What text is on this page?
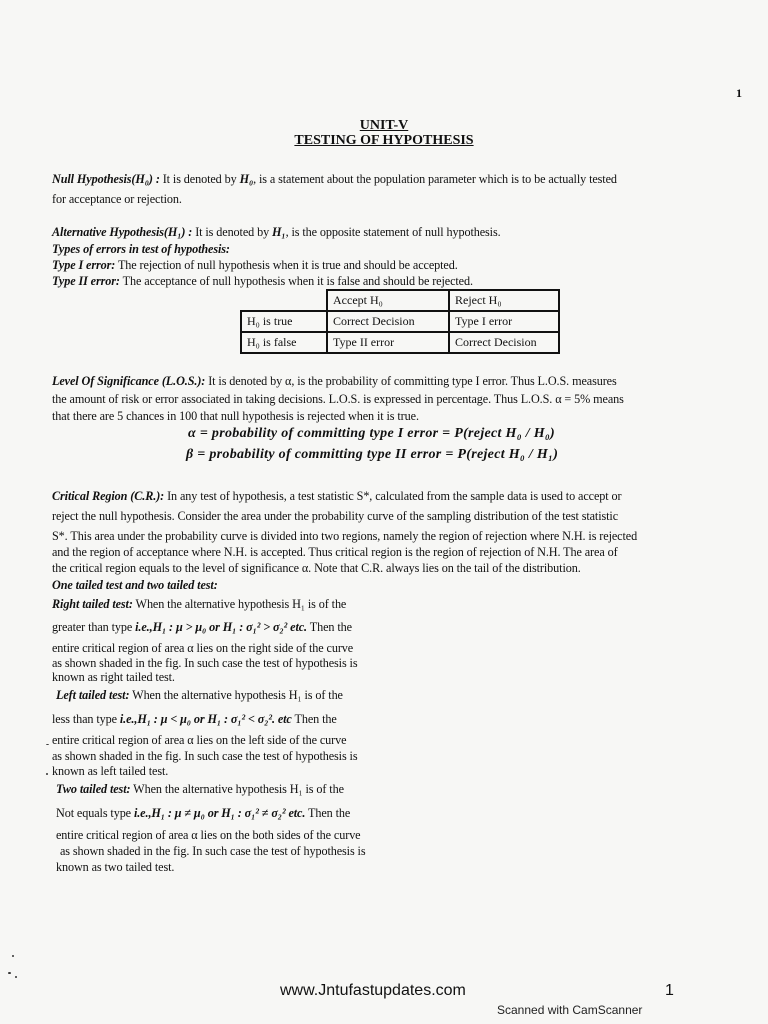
1
UNIT-V
TESTING OF HYPOTHESIS
Null Hypothesis(H₀) : It is denoted by H₀, is a statement about the population parameter which is to be actually tested
for acceptance or rejection.
Alternative Hypothesis(H₁) : It is denoted by H₁, is the opposite statement of null hypothesis.
Types of errors in test of hypothesis:
Type I error: The rejection of null hypothesis when it is true and should be accepted.
Type II error: The acceptance of null hypothesis when it is false and should be rejected.
	Accept H₀	Reject H₀
H₀ is true	Correct Decision	Type I error
H₀ is false	Type II error	Correct Decision
Level Of Significance (L.O.S.): It is denoted by α, is the probability of committing type I error. Thus L.O.S. measures
the amount of risk or error associated in taking decisions. L.O.S. is expressed in percentage. Thus L.O.S. α = 5% means
that there are 5 chances in 100 that null hypothesis is rejected when it is true.
α = probability of committing type I error = P(reject H₀ / H₀)
β = probability of committing type II error = P(reject H₀ / H₁)
Critical Region (C.R.): In any test of hypothesis, a test statistic S*, calculated from the sample data is used to accept or
reject the null hypothesis. Consider the area under the probability curve of the sampling distribution of the test statistic
S*. This area under the probability curve is divided into two regions, namely the region of rejection where N.H. is rejected
and the region of acceptance where N.H. is accepted. Thus critical region is the region of rejection of N.H. The area of
the critical region equals to the level of significance α. Note that C.R. always lies on the tail of the distribution.
One tailed test and two tailed test:
Right tailed test: When the alternative hypothesis H₁ is of the
greater than type i.e.,H₁ : μ > μ₀ or H₁ : σ₁² > σ₂² etc. Then the
entire critical region of area α lies on the right side of the curve
as shown shaded in the fig. In such case the test of hypothesis is
known as right tailed test.
Left tailed test: When the alternative hypothesis H₁ is of the
less than type i.e.,H₁ : μ < μ₀ or H₁ : σ₁² < σ₂². etc Then the
entire critical region of area α lies on the left side of the curve
as shown shaded in the fig. In such case the test of hypothesis is
known as left tailed test.
Two tailed test: When the alternative hypothesis H₁ is of the
Not equals type i.e.,H₁ : μ ≠ μ₀ or H₁ : σ₁² ≠ σ₂² etc. Then the
entire critical region of area α lies on the both sides of the curve
as shown shaded in the fig. In such case the test of hypothesis is
known as two tailed test.
www.Jntufastupdates.com	1
Scanned with CamScanner
